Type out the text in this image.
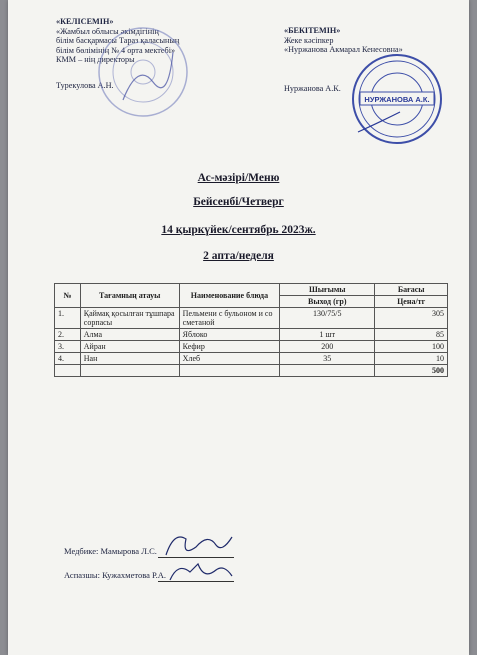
«КЕЛІСЕМІН»
«Жамбыл облысы әкімдігінің
білім басқармасы Тараз қаласының
білім бөлімінің № 4 орта мектебі»
КММ – нің директоры
Турекулова А.Н.
«БЕКІТЕМІН»
Жеке кәсіпкер
«Нуржанова Акмарал Кенесовна»
Нуржанова А.К.
НУРЖАНОВА А.К.
Ас-мәзірі/Меню
Бейсенбі/Четверг
14 қыркүйек/сентябрь 2023ж.
2 апта/неделя
№	Тағамның атауы	Наименование блюда	Шығымы	Бағасы
			Выход (гр)	Цена/тг
1.	Қаймақ қосылған тұшпара сорпасы	Пельмени с бульоном и со сметаной	130/75/5	305
2.	Алма	Яблоко	1 шт	85
3.	Айран	Кефир	200	100
4.	Нан	Хлеб	35	10
				500
Медбике: Мамырова Л.С.
Аспазшы: Кужахметова Р.А.
